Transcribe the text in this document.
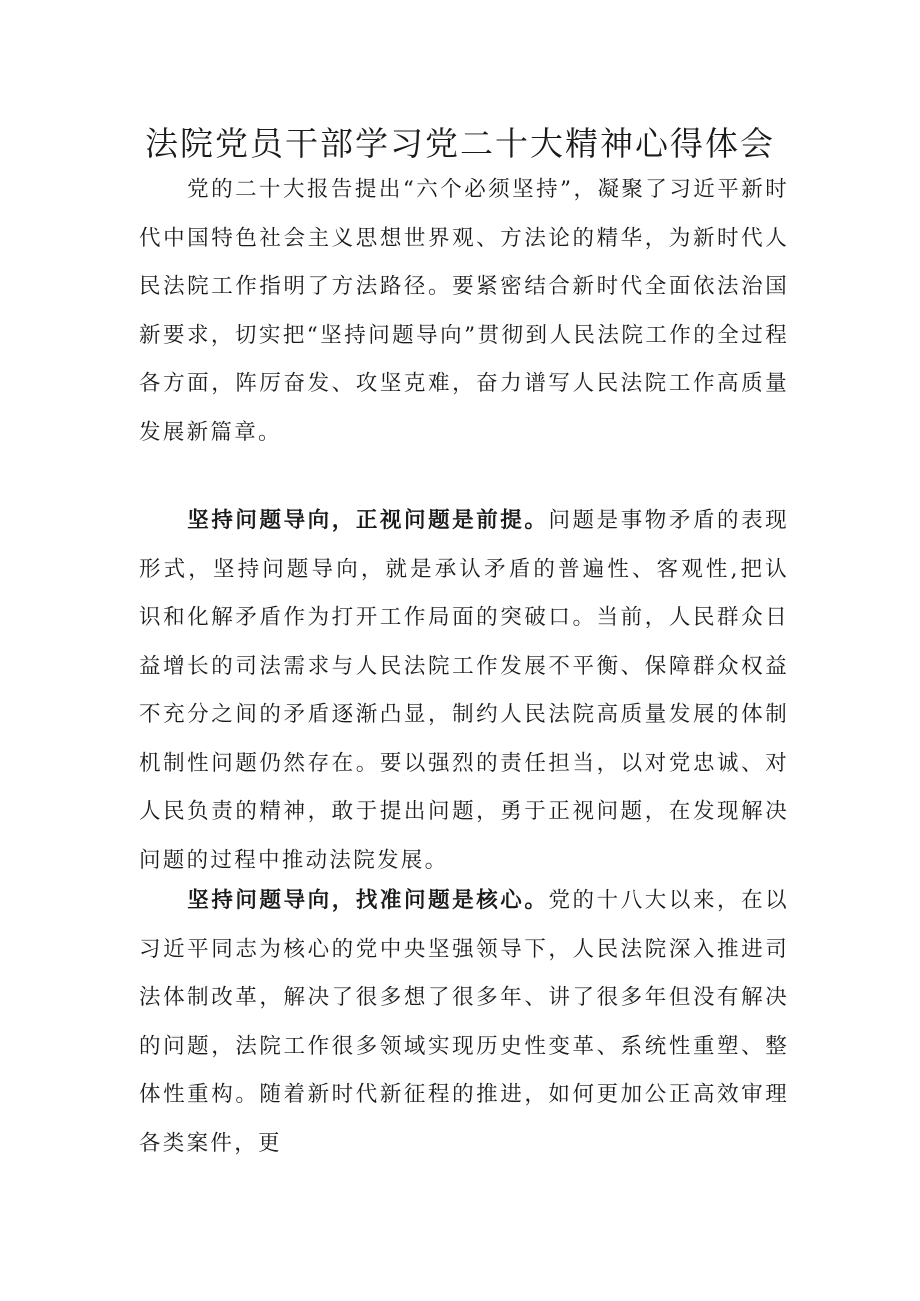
法院党员干部学习党二十大精神心得体会

党的二十大报告提出“六个必须坚持”，凝聚了习近平新时代中国特色社会主义思想世界观、方法论的精华，为新时代人民法院工作指明了方法路径。要紧密结合新时代全面依法治国新要求，切实把“坚持问题导向”贯彻到人民法院工作的全过程各方面，阵厉奋发、攻坚克难，奋力谱写人民法院工作高质量发展新篇章。

坚持问题导向，正视问题是前提。问题是事物矛盾的表现形式，坚持问题导向，就是承认矛盾的普遍性、客观性,把认识和化解矛盾作为打开工作局面的突破口。当前，人民群众日益增长的司法需求与人民法院工作发展不平衡、保障群众权益不充分之间的矛盾逐渐凸显，制约人民法院高质量发展的体制机制性问题仍然存在。要以强烈的责任担当，以对党忠诚、对人民负责的精神，敢于提出问题，勇于正视问题，在发现解决问题的过程中推动法院发展。

坚持问题导向，找准问题是核心。党的十八大以来，在以习近平同志为核心的党中央坚强领导下，人民法院深入推进司法体制改革，解决了很多想了很多年、讲了很多年但没有解决的问题，法院工作很多领域实现历史性变革、系统性重塑、整体性重构。随着新时代新征程的推进，如何更加公正高效审理各类案件，更
